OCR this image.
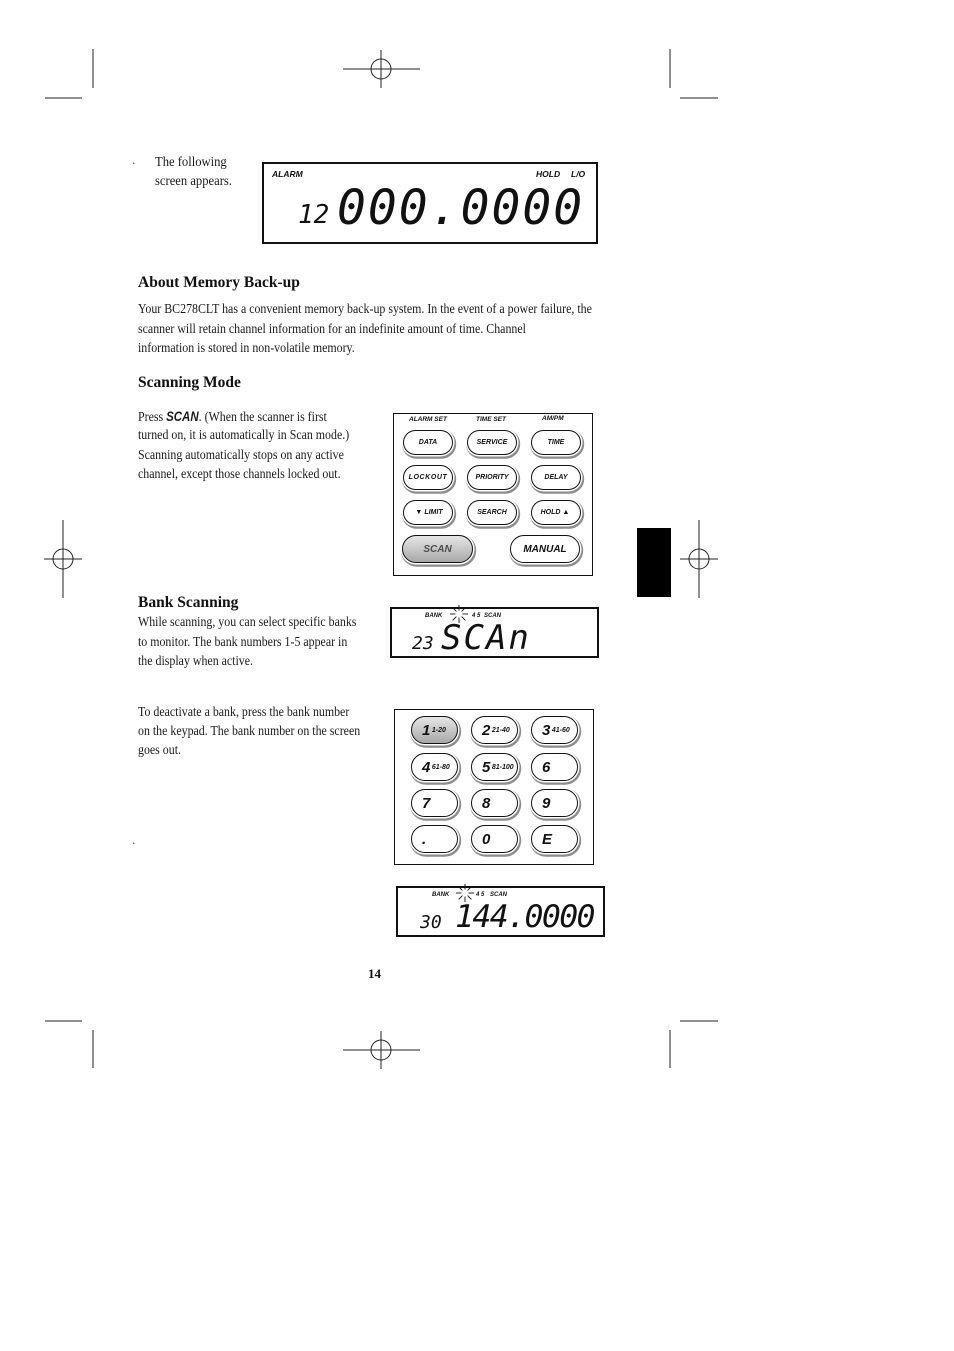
. The following
screen appears.	ALARM	HOLD L/O
12 000.0000
About Memory Back-up
Your BC278CLT has a convenient memory back-up system. In the event of a power failure, the
scanner will retain channel information for an indefinite amount of time. Channel
information is stored in non-volatile memory.
Scanning Mode
Press SCAN. (When the scanner is first
turned on, it is automatically in Scan mode.)
Scanning automatically stops on any active
channel, except those channels locked out.
ALARM SET	TIME SET	AM/PM
DATA	SERVICE	TIME
LOCKOUT	PRIORITY	DELAY
▼ LIMIT	SEARCH	HOLD ▲
SCAN	MANUAL
Bank Scanning
While scanning, you can select specific banks
to monitor. The bank numbers 1-5 appear in
the display when active.
BANK	4 5 SCAN
23 SCAn
To deactivate a bank, press the bank number
on the keypad. The bank number on the screen
goes out.
.
1 1-20 2 21-40 3 41-60
4 61-80 5 81-100 6
7	8	9
.	0	E
BANK	4 5 SCAN
30 144.0000
14
